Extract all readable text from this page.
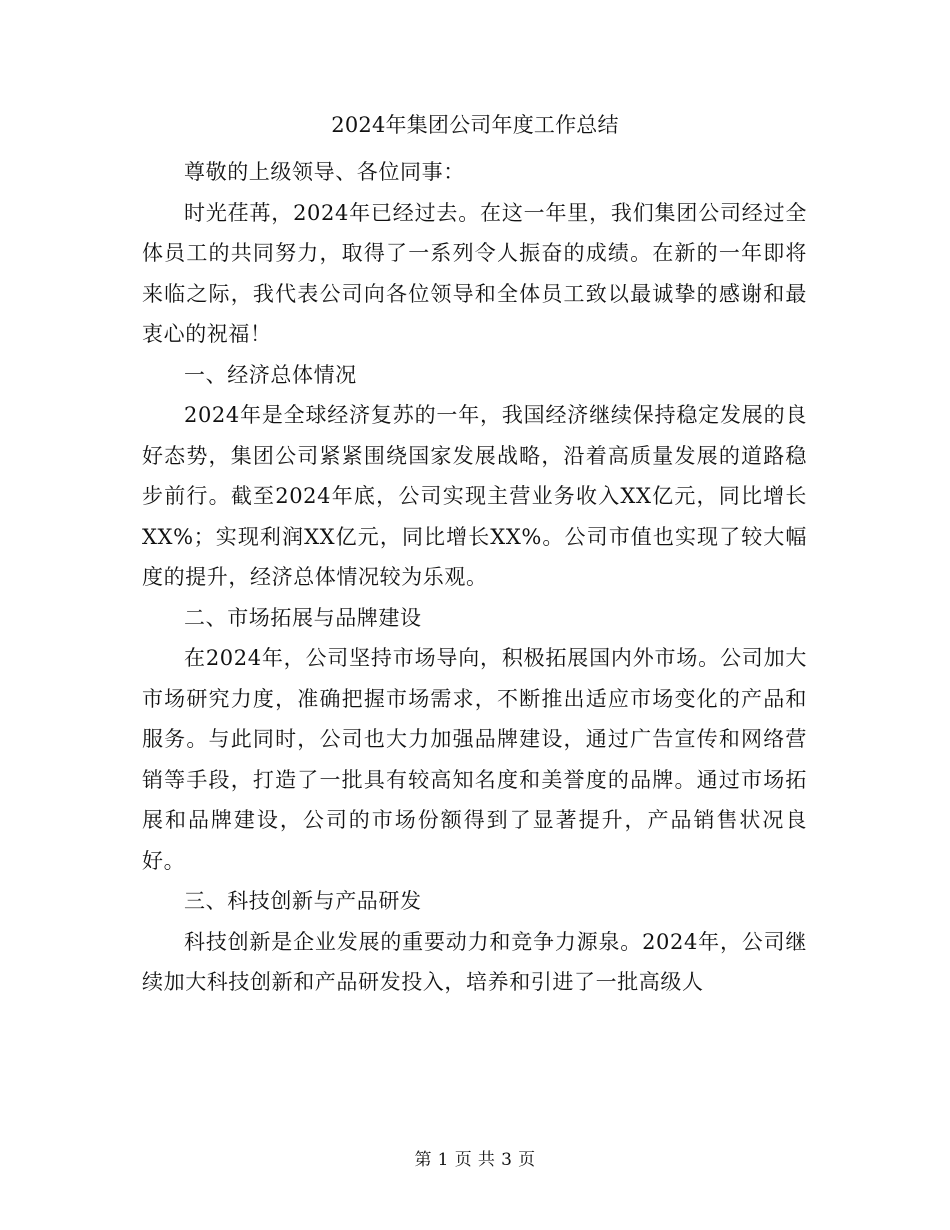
2024年集团公司年度工作总结

尊敬的上级领导、各位同事：

时光荏苒，2024年已经过去。在这一年里，我们集团公司经过全体员工的共同努力，取得了一系列令人振奋的成绩。在新的一年即将来临之际，我代表公司向各位领导和全体员工致以最诚挚的感谢和最衷心的祝福！

一、经济总体情况

2024年是全球经济复苏的一年，我国经济继续保持稳定发展的良好态势，集团公司紧紧围绕国家发展战略，沿着高质量发展的道路稳步前行。截至2024年底，公司实现主营业务收入XX亿元，同比增长XX%；实现利润XX亿元，同比增长XX%。公司市值也实现了较大幅度的提升，经济总体情况较为乐观。

二、市场拓展与品牌建设

在2024年，公司坚持市场导向，积极拓展国内外市场。公司加大市场研究力度，准确把握市场需求，不断推出适应市场变化的产品和服务。与此同时，公司也大力加强品牌建设，通过广告宣传和网络营销等手段，打造了一批具有较高知名度和美誉度的品牌。通过市场拓展和品牌建设，公司的市场份额得到了显著提升，产品销售状况良好。

三、科技创新与产品研发

科技创新是企业发展的重要动力和竞争力源泉。2024年，公司继续加大科技创新和产品研发投入，培养和引进了一批高级人

第 1 页 共 3 页
